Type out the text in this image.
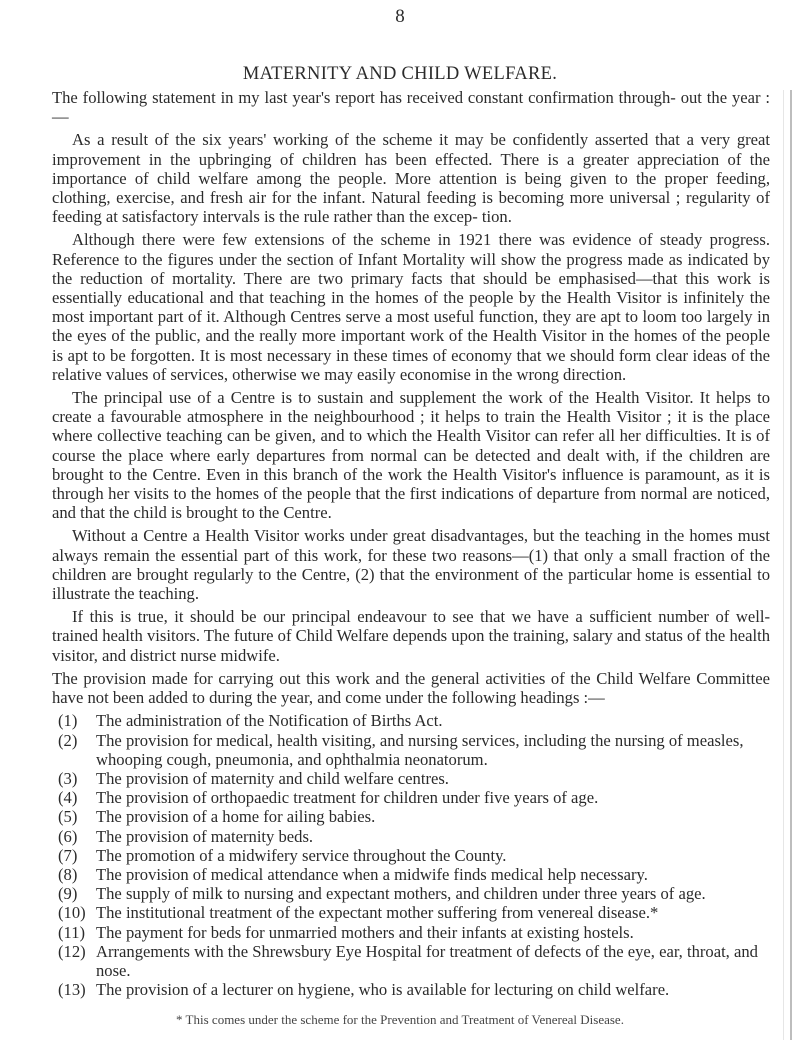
8
MATERNITY AND CHILD WELFARE.

The following statement in my last year's report has received constant confirmation through- out the year :—

As a result of the six years' working of the scheme it may be confidently asserted that a very great improvement in the upbringing of children has been effected. There is a greater appreciation of the importance of child welfare among the people. More attention is being given to the proper feeding, clothing, exercise, and fresh air for the infant. Natural feeding is becoming more universal ; regularity of feeding at satisfactory intervals is the rule rather than the excep- tion.

Although there were few extensions of the scheme in 1921 there was evidence of steady progress. Reference to the figures under the section of Infant Mortality will show the progress made as indicated by the reduction of mortality. There are two primary facts that should be emphasised—that this work is essentially educational and that teaching in the homes of the people by the Health Visitor is infinitely the most important part of it. Although Centres serve a most useful function, they are apt to loom too largely in the eyes of the public, and the really more important work of the Health Visitor in the homes of the people is apt to be forgotten. It is most necessary in these times of economy that we should form clear ideas of the relative values of services, otherwise we may easily economise in the wrong direction.

The principal use of a Centre is to sustain and supplement the work of the Health Visitor. It helps to create a favourable atmosphere in the neighbourhood ; it helps to train the Health Visitor ; it is the place where collective teaching can be given, and to which the Health Visitor can refer all her difficulties. It is of course the place where early departures from normal can be detected and dealt with, if the children are brought to the Centre. Even in this branch of the work the Health Visitor's influence is paramount, as it is through her visits to the homes of the people that the first indications of departure from normal are noticed, and that the child is brought to the Centre.

Without a Centre a Health Visitor works under great disadvantages, but the teaching in the homes must always remain the essential part of this work, for these two reasons—(1) that only a small fraction of the children are brought regularly to the Centre, (2) that the environment of the particular home is essential to illustrate the teaching.

If this is true, it should be our principal endeavour to see that we have a sufficient number of well-trained health visitors. The future of Child Welfare depends upon the training, salary and status of the health visitor, and district nurse midwife.

The provision made for carrying out this work and the general activities of the Child Welfare Committee have not been added to during the year, and come under the following headings :—

(1) The administration of the Notification of Births Act.
(2) The provision for medical, health visiting, and nursing services, including the nursing of measles, whooping cough, pneumonia, and ophthalmia neonatorum.
(3) The provision of maternity and child welfare centres.
(4) The provision of orthopaedic treatment for children under five years of age.
(5) The provision of a home for ailing babies.
(6) The provision of maternity beds.
(7) The promotion of a midwifery service throughout the County.
(8) The provision of medical attendance when a midwife finds medical help necessary.
(9) The supply of milk to nursing and expectant mothers, and children under three years of age.
(10) The institutional treatment of the expectant mother suffering from venereal disease.*
(11) The payment for beds for unmarried mothers and their infants at existing hostels.
(12) Arrangements with the Shrewsbury Eye Hospital for treatment of defects of the eye, ear, throat, and nose.
(13) The provision of a lecturer on hygiene, who is available for lecturing on child welfare.
* This comes under the scheme for the Prevention and Treatment of Venereal Disease.
